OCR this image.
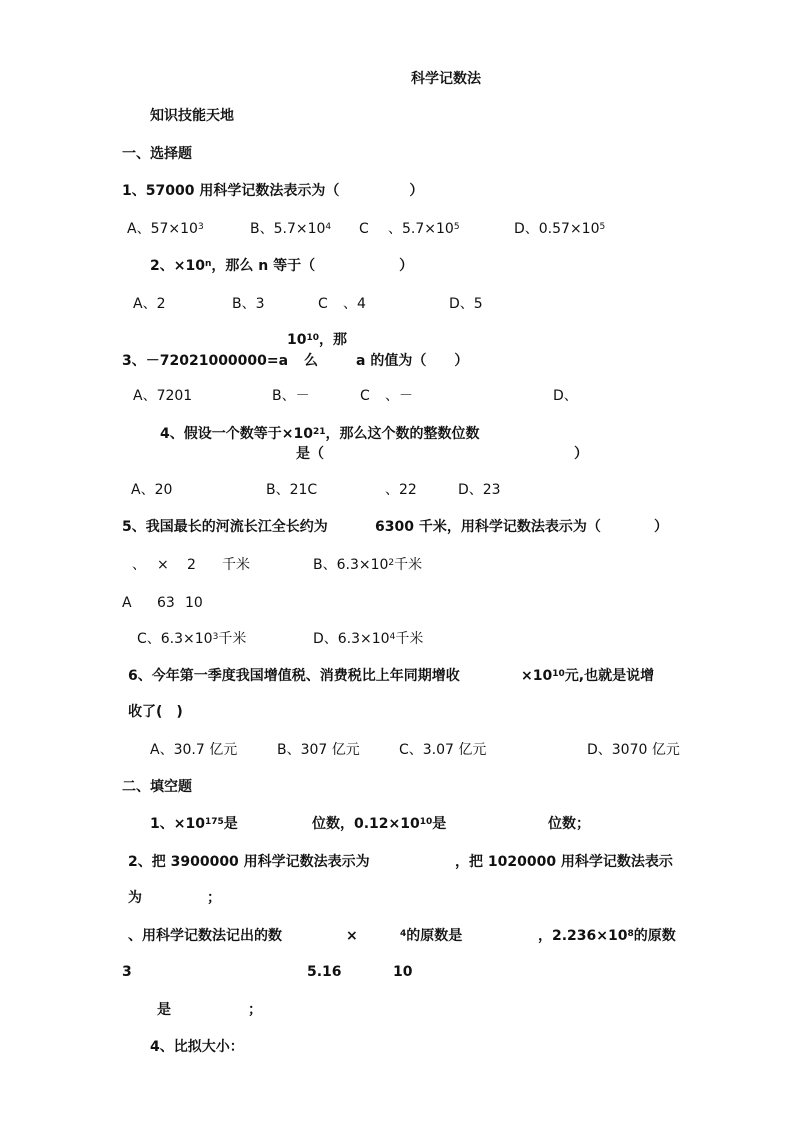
科学记数法
知识技能天地
一、选择题
1、57000 用科学记数法表示为（　　　　　）
A、$57\times 10^3$	B、$5.7\times 10^4$ C 、$5.7\times 10^5$	D、$0.57\times 10^5$
2、$\times 10^n$，那么 n 等于（　　　　　　）
A、2	B、3	C 、4	D、5
$10^{10}$，那
3、－72021000000=a 么	a 的值为（　　）
A、7201	B、－	C 、－	D、
4、假设一个数等于$\times 10^{21}$，那么这个数的整数位数
是（	）
A、20	B、21C	、22	D、23
5、我国最长的河流长江全长约为	6300 千米，用科学记数法表示为（	）
、 × 2 千米	B、$6.3\times 10^2$千米
A 63 10
C、$6.3\times 10^3$千米	D、$6.3\times 10^4$千米
6、今年第一季度我国增值税、消费税比上年同期增收	$\times 10^{10}$元,也就是说增
收了(　)
A、30.7 亿元	B、307 亿元	C、3.07 亿元	D、3070 亿元
二、填空题
1、$\times 10^{175}$是	位数，$0.12\times 10^{10}$是	位数；
2、把 3900000 用科学记数法表示为	，把 1020000 用科学记数法表示
为	；
、用科学记数法记出的数	×	$^4$的原数是	，$2.236\times 10^8$的原数
3	5.16	10
是	；
4、比拟大小：
